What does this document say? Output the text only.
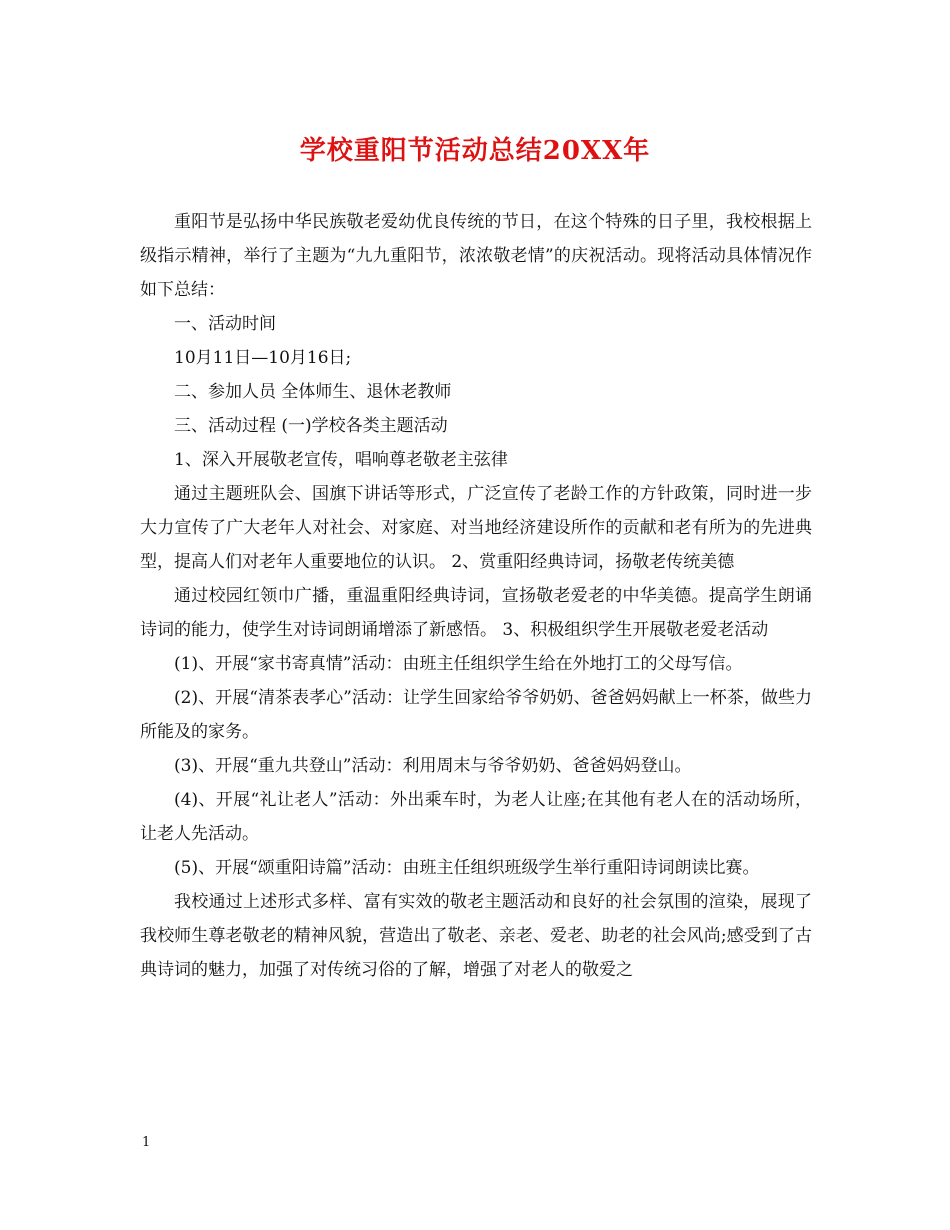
学校重阳节活动总结20XX年

重阳节是弘扬中华民族敬老爱幼优良传统的节日，在这个特殊的日子里，我校根据上级指示精神，举行了主题为“九九重阳节，浓浓敬老情”的庆祝活动。现将活动具体情况作如下总结：

一、活动时间

10月11日—10月16日;

二、参加人员 全体师生、退休老教师

三、活动过程 (一)学校各类主题活动

1、深入开展敬老宣传，唱响尊老敬老主弦律

通过主题班队会、国旗下讲话等形式，广泛宣传了老龄工作的方针政策，同时进一步大力宣传了广大老年人对社会、对家庭、对当地经济建设所作的贡献和老有所为的先进典型，提高人们对老年人重要地位的认识。 2、赏重阳经典诗词，扬敬老传统美德

通过校园红领巾广播，重温重阳经典诗词，宣扬敬老爱老的中华美德。提高学生朗诵诗词的能力，使学生对诗词朗诵增添了新感悟。 3、积极组织学生开展敬老爱老活动

(1)、开展“家书寄真情”活动：由班主任组织学生给在外地打工的父母写信。

(2)、开展“清茶表孝心”活动：让学生回家给爷爷奶奶、爸爸妈妈献上一杯茶，做些力所能及的家务。

(3)、开展“重九共登山”活动：利用周末与爷爷奶奶、爸爸妈妈登山。

(4)、开展“礼让老人”活动：外出乘车时，为老人让座;在其他有老人在的活动场所，让老人先活动。

(5)、开展“颂重阳诗篇”活动：由班主任组织班级学生举行重阳诗词朗读比赛。

我校通过上述形式多样、富有实效的敬老主题活动和良好的社会氛围的渲染，展现了我校师生尊老敬老的精神风貌，营造出了敬老、亲老、爱老、助老的社会风尚;感受到了古典诗词的魅力，加强了对传统习俗的了解，增强了对老人的敬爱之

1
